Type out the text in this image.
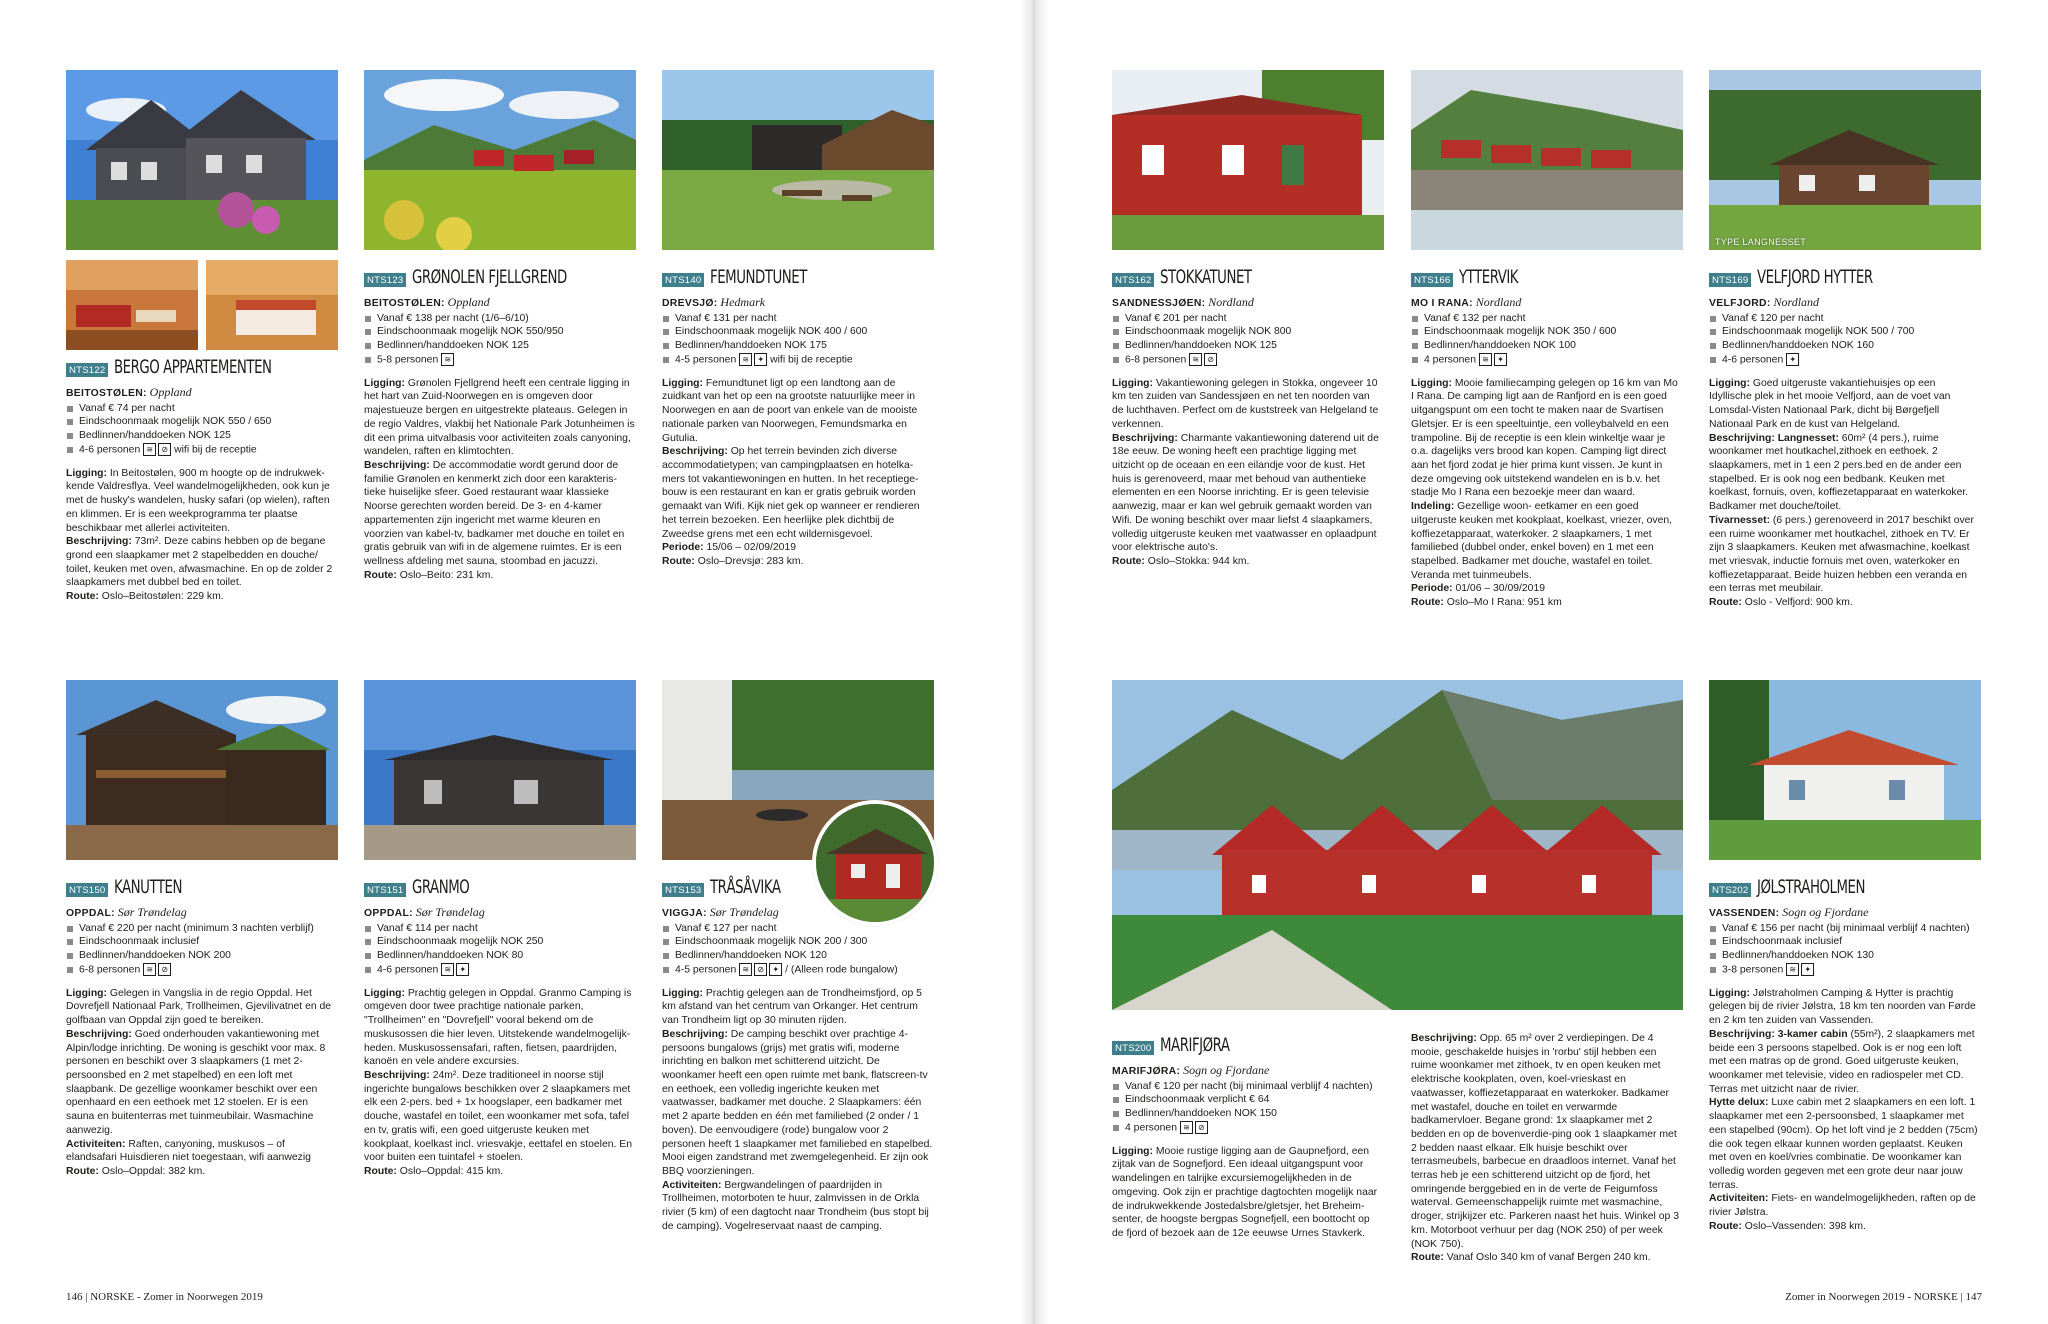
TYPE LANGNESSET
NTS122 BERGO APPARTEMENTEN
BEITOSTØLEN: Oppland
Vanaf € 74 per nacht
Eindschoonmaak mogelijk NOK 550 / 650
Bedlinnen/handdoeken NOK 125
4-6 personen ≋	⊘ wifi bij de receptie

Ligging: In Beitostølen, 900 m hoogte op de indrukwek-kende Valdresflya. Veel wandelmogelijkheden, ook kun je met de husky's wandelen, husky safari (op wielen), raften en klimmen. Er is een weekprogramma ter plaatse beschikbaar met allerlei activiteiten.

Beschrijving: 73m². Deze cabins hebben op de begane grond een slaapkamer met 2 stapelbedden en douche/ toilet, keuken met oven, afwasmachine. En op de zolder 2 slaapkamers met dubbel bed en toilet.

Route: Oslo–Beitostølen: 229 km.

NTS123 GRØNOLEN FJELLGREND
BEITOSTØLEN: Oppland
Vanaf € 138 per nacht (1/6–6/10)
Eindschoonmaak mogelijk NOK 550/950
Bedlinnen/handdoeken NOK 125
5-8 personen ≋

Ligging: Grønolen Fjellgrend heeft een centrale ligging in het hart van Zuid-Noorwegen en is omgeven door majestueuze bergen en uitgestrekte plateaus. Gelegen in de regio Valdres, vlakbij het Nationale Park Jotunheimen is dit een prima uitvalbasis voor activiteiten zoals canyoning, wandelen, raften en klimtochten.

Beschrijving: De accommodatie wordt gerund door de familie Grønolen en kenmerkt zich door een karakteris-tieke huiselijke sfeer. Goed restaurant waar klassieke Noorse gerechten worden bereid. De 3- en 4-kamer appartementen zijn ingericht met warme kleuren en voorzien van kabel-tv, badkamer met douche en toilet en gratis gebruik van wifi in de algemene ruimtes. Er is een wellness afdeling met sauna, stoombad en jacuzzi.

Route: Oslo–Beito: 231 km.

NTS140 FEMUNDTUNET
DREVSJØ: Hedmark
Vanaf € 131 per nacht
Eindschoonmaak mogelijk NOK 400 / 600
Bedlinnen/handdoeken NOK 175
4-5 personen ≋	✦ wifi bij de receptie

Ligging: Femundtunet ligt op een landtong aan de zuidkant van het op een na grootste natuurlijke meer in Noorwegen en aan de poort van enkele van de mooiste nationale parken van Noorwegen, Femundsmarka en Gutulia.

Beschrijving: Op het terrein bevinden zich diverse accommodatietypen; van campingplaatsen en hotelka-mers tot vakantiewoningen en hutten. In het receptiege-bouw is een restaurant en kan er gratis gebruik worden gemaakt van Wifi. Kijk niet gek op wanneer er rendieren het terrein bezoeken. Een heerlijke plek dichtbij de Zweedse grens met een echt wildernisgevoel.

Periode: 15/06 – 02/09/2019

Route: Oslo–Drevsjø: 283 km.

NTS162 STOKKATUNET
SANDNESSJØEN: Nordland
Vanaf € 201 per nacht
Eindschoonmaak mogelijk NOK 800
Bedlinnen/handdoeken NOK 125
6-8 personen ≋	⊘

Ligging: Vakantiewoning gelegen in Stokka, ongeveer 10 km ten zuiden van Sandessjøen en net ten noorden van de luchthaven. Perfect om de kuststreek van Helgeland te verkennen.

Beschrijving: Charmante vakantiewoning daterend uit de 18e eeuw. De woning heeft een prachtige ligging met uitzicht op de oceaan en een eilandje voor de kust. Het huis is gerenoveerd, maar met behoud van authentieke elementen en een Noorse inrichting. Er is geen televisie aanwezig, maar er kan wel gebruik gemaakt worden van Wifi. De woning beschikt over maar liefst 4 slaapkamers, volledig uitgeruste keuken met vaatwasser en oplaadpunt voor elektrische auto's.

Route: Oslo–Stokka: 944 km.

NTS166 YTTERVIK
MO I RANA: Nordland
Vanaf € 132 per nacht
Eindschoonmaak mogelijk NOK 350 / 600
Bedlinnen/handdoeken NOK 100
4 personen ≋	✦

Ligging: Mooie familiecamping gelegen op 16 km van Mo I Rana. De camping ligt aan de Ranfjord en is een goed uitgangspunt om een tocht te maken naar de Svartisen Gletsjer. Er is een speeltuintje, een volleybalveld en een trampoline. Bij de receptie is een klein winkeltje waar je o.a. dagelijks vers brood kan kopen. Camping ligt direct aan het fjord zodat je hier prima kunt vissen. Je kunt in deze omgeving ook uitstekend wandelen en is b.v. het stadje Mo I Rana een bezoekje meer dan waard.

Indeling: Gezellige woon- eetkamer en een goed uitgeruste keuken met kookplaat, koelkast, vriezer, oven, koffiezetapparaat, waterkoker. 2 slaapkamers, 1 met familiebed (dubbel onder, enkel boven) en 1 met een stapelbed. Badkamer met douche, wastafel en toilet. Veranda met tuinmeubels.

Periode: 01/06 – 30/09/2019

Route: Oslo–Mo I Rana: 951 km

NTS169 VELFJORD HYTTER
VELFJORD: Nordland
Vanaf € 120 per nacht
Eindschoonmaak mogelijk NOK 500 / 700
Bedlinnen/handdoeken NOK 160
4-6 personen ✦

Ligging: Goed uitgeruste vakantiehuisjes op een Idyllische plek in het mooie Velfjord, aan de voet van Lomsdal-Visten Nationaal Park, dicht bij Børgefjell Nationaal Park en de kust van Helgeland.

Beschrijving: Langnesset: 60m² (4 pers.), ruime woonkamer met houtkachel,zithoek en eethoek. 2 slaapkamers, met in 1 een 2 pers.bed en de ander een stapelbed. Er is ook nog een bedbank. Keuken met koelkast, fornuis, oven, koffiezetapparaat en waterkoker. Badkamer met douche/toilet.

Tivarnesset: (6 pers.) gerenoveerd in 2017 beschikt over een ruime woonkamer met houtkachel, zithoek en TV. Er zijn 3 slaapkamers. Keuken met afwasmachine, koelkast met vriesvak, inductie fornuis met oven, waterkoker en koffiezetapparaat. Beide huizen hebben een veranda en een terras met meubilair.

Route: Oslo - Velfjord: 900 km.

NTS150 KANUTTEN
OPPDAL: Sør Trøndelag
Vanaf € 220 per nacht (minimum 3 nachten verblijf)
Eindschoonmaak inclusief
Bedlinnen/handdoeken NOK 200
6-8 personen ≋	⊘

Ligging: Gelegen in Vangslia in de regio Oppdal. Het Dovrefjell Nationaal Park, Trollheimen, Gjevilivatnet en de golfbaan van Oppdal zijn goed te bereiken.

Beschrijving: Goed onderhouden vakantiewoning met Alpin/lodge inrichting. De woning is geschikt voor max. 8 personen en beschikt over 3 slaapkamers (1 met 2-persoonsbed en 2 met stapelbed) en een loft met slaapbank. De gezellige woonkamer beschikt over een openhaard en een eethoek met 12 stoelen. Er is een sauna en buitenterras met tuinmeubilair. Wasmachine aanwezig.

Activiteiten: Raften, canyoning, muskusos – of elandsafari Huisdieren niet toegestaan, wifi aanwezig

Route: Oslo–Oppdal: 382 km.

NTS151 GRANMO
OPPDAL: Sør Trøndelag
Vanaf € 114 per nacht
Eindschoonmaak mogelijk NOK 250
Bedlinnen/handdoeken NOK 80
4-6 personen ≋	✦

Ligging: Prachtig gelegen in Oppdal. Granmo Camping is omgeven door twee prachtige nationale parken, "Trollheimen" en "Dovrefjell" vooral bekend om de muskusossen die hier leven. Uitstekende wandelmogelijk-heden. Muskusossensafari, raften, fietsen, paardrijden, kanoën en vele andere excursies.

Beschrijving: 24m². Deze traditioneel in noorse stijl ingerichte bungalows beschikken over 2 slaapkamers met elk een 2-pers. bed + 1x hoogslaper, een badkamer met douche, wastafel en toilet, een woonkamer met sofa, tafel en tv, gratis wifi, een goed uitgeruste keuken met kookplaat, koelkast incl. vriesvakje, eettafel en stoelen. En voor buiten een tuintafel + stoelen.

Route: Oslo–Oppdal: 415 km.

NTS153 TRÅSÅVIKA
VIGGJA: Sør Trøndelag
Vanaf € 127 per nacht
Eindschoonmaak mogelijk NOK 200 / 300
Bedlinnen/handdoeken NOK 120
4-5 personen ≋	⊘	✦ / (Alleen rode bungalow)

Ligging: Prachtig gelegen aan de Trondheimsfjord, op 5 km afstand van het centrum van Orkanger. Het centrum van Trondheim ligt op 30 minuten rijden.

Beschrijving: De camping beschikt over prachtige 4-persoons bungalows (grijs) met gratis wifi, moderne inrichting en balkon met schitterend uitzicht. De woonkamer heeft een open ruimte met bank, flatscreen-tv en eethoek, een volledig ingerichte keuken met vaatwasser, badkamer met douche. 2 Slaapkamers: één met 2 aparte bedden en één met familiebed (2 onder / 1 boven). De eenvoudigere (rode) bungalow voor 2 personen heeft 1 slaapkamer met familiebed en stapelbed. Mooi eigen zandstrand met zwemgelegenheid. Er zijn ook BBQ voorzieningen.

Activiteiten: Bergwandelingen of paardrijden in Trollheimen, motorboten te huur, zalmvissen in de Orkla rivier (5 km) of een dagtocht naar Trondheim (bus stopt bij de camping). Vogelreservaat naast de camping.

NTS200 MARIFJØRA
MARIFJØRA: Sogn og Fjordane
Vanaf € 120 per nacht (bij minimaal verblijf 4 nachten)
Eindschoonmaak verplicht € 64
Bedlinnen/handdoeken NOK 150
4 personen ≋	⊘

Ligging: Mooie rustige ligging aan de Gaupnefjord, een zijtak van de Sognefjord. Een ideaal uitgangspunt voor wandelingen en talrijke excursiemogelijkheden in de omgeving. Ook zijn er prachtige dagtochten mogelijk naar de indrukwekkende Jostedalsbre/gletsjer, het Breheim-senter, de hoogste bergpas Sognefjell, een boottocht op de fjord of bezoek aan de 12e eeuwse Urnes Stavkerk.

Beschrijving: Opp. 65 m² over 2 verdiepingen. De 4 mooie, geschakelde huisjes in 'rorbu' stijl hebben een ruime woonkamer met zithoek, tv en open keuken met elektrische kookplaten, oven, koel-vrieskast en vaatwasser, koffiezetapparaat en waterkoker. Badkamer met wastafel, douche en toilet en verwarmde badkamervloer. Begane grond: 1x slaapkamer met 2 bedden en op de bovenverdie-ping ook 1 slaapkamer met 2 bedden naast elkaar. Elk huisje beschikt over terrasmeubels, barbecue en draadloos internet. Vanaf het terras heb je een schitterend uitzicht op de fjord, het omringende berggebied en in de verte de Feigumfoss waterval. Gemeenschappelijk ruimte met wasmachine, droger, strijkijzer etc. Parkeren naast het huis. Winkel op 3 km. Motorboot verhuur per dag (NOK 250) of per week (NOK 750).

Route: Vanaf Oslo 340 km of vanaf Bergen 240 km.

NTS202 JØLSTRAHOLMEN
VASSENDEN: Sogn og Fjordane
Vanaf € 156 per nacht (bij minimaal verblijf 4 nachten)
Eindschoonmaak inclusief
Bedlinnen/handdoeken NOK 130
3-8 personen ≋	✦

Ligging: Jølstraholmen Camping & Hytter is prachtig gelegen bij de rivier Jølstra, 18 km ten noorden van Førde en 2 km ten zuiden van Vassenden.

Beschrijving: 3-kamer cabin (55m²), 2 slaapkamers met beide een 3 persoons stapelbed. Ook is er nog een loft met een matras op de grond. Goed uitgeruste keuken, woonkamer met televisie, video en radiospeler met CD. Terras met uitzicht naar de rivier.

Hytte delux: Luxe cabin met 2 slaapkamers en een loft. 1 slaapkamer met een 2-persoonsbed, 1 slaapkamer met een stapelbed (90cm). Op het loft vind je 2 bedden (75cm) die ook tegen elkaar kunnen worden geplaatst. Keuken met oven en koel/vries combinatie. De woonkamer kan volledig worden gegeven met een grote deur naar jouw terras.

Activiteiten: Fiets- en wandelmogelijkheden, raften op de rivier Jølstra.

Route: Oslo–Vassenden: 398 km.

146 | NORSKE - Zomer in Noorwegen 2019	Zomer in Noorwegen 2019 - NORSKE | 147
